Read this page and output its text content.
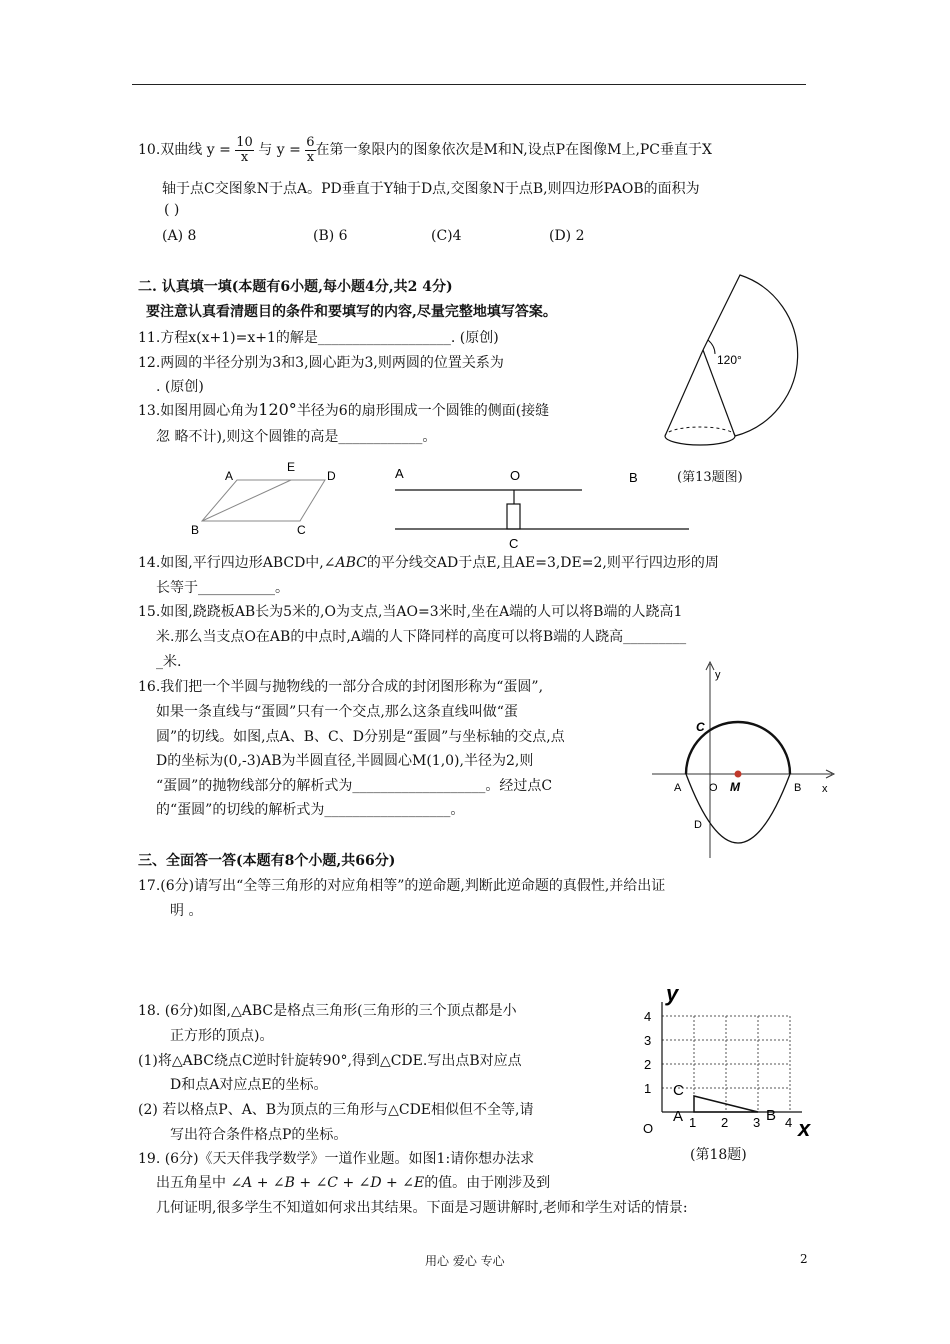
10.双曲线 $y = \frac{10}{x}$ 与 $y = \frac{6}{x}$ 在第一象限内的图象依次是M和N,设点P在图像M上,PC垂直于X
轴于点C交图象N于点A。PD垂直于Y轴于D点,交图象N于点B,则四边形PAOB的面积为
( )
(A) 8	(B) 6	(C)4	(D) 2
二. 认真填一填(本题有6小题,每小题4分,共2 4分)
要注意认真看清题目的条件和要填写的内容,尽量完整地填写答案。
11.方程x(x+1)=x+1的解是___________________. (原创)
12.两圆的半径分别为3和3,圆心距为3,则两圆的位置关系为
. (原创)
13.如图用圆心角为120°半径为6的扇形围成一个圆锥的侧面(接缝
忽 略不计),则这个圆锥的高是____________。
120°
(第13题图)
A
E
D
B	C
A	O	B
C
14.如图,平行四边形ABCD中,∠ABC的平分线交AD于点E,且AE=3,DE=2,则平行四边形的周
长等于___________。
15.如图,跷跷板AB长为5米的,O为支点,当AO=3米时,坐在A端的人可以将B端的人跷高1
米.那么当支点O在AB的中点时,A端的人下降同样的高度可以将B端的人跷高_________
_米.
16.我们把一个半圆与抛物线的一部分合成的封闭图形称为“蛋圆”,
如果一条直线与“蛋圆”只有一个交点,那么这条直线叫做“蛋
圆”的切线。如图,点A、B、C、D分别是“蛋圆”与坐标轴的交点,点
D的坐标为(0,-3)AB为半圆直径,半圆圆心M(1,0),半径为2,则
“蛋圆”的抛物线部分的解析式为___________________。经过点C
的“蛋圆”的切线的解析式为__________________。
y
x
C
A	O M	B
D
三、全面答一答(本题有8个小题,共66分)
17.(6分)请写出“全等三角形的对应角相等”的逆命题,判断此逆命题的真假性,并给出证
明 。
18. (6分)如图,△ABC是格点三角形(三角形的三个顶点都是小
正方形的顶点)。
(1)将△ABC绕点C逆时针旋转90°,得到△CDE.写出点B对应点
D和点A对应点E的坐标。
(2) 若以格点P、A、B为顶点的三角形与△CDE相似但不全等,请
写出符合条件格点P的坐标。
y
x
O
4
3
2
1
1 2 3 4
C
A	B
(第18题)
19. (6分)《天天伴我学数学》一道作业题。如图1:请你想办法求
出五角星中 ∠A + ∠B + ∠C + ∠D + ∠E的值。由于刚涉及到
几何证明,很多学生不知道如何求出其结果。下面是习题讲解时,老师和学生对话的情景:
用心 爱心 专心	2
